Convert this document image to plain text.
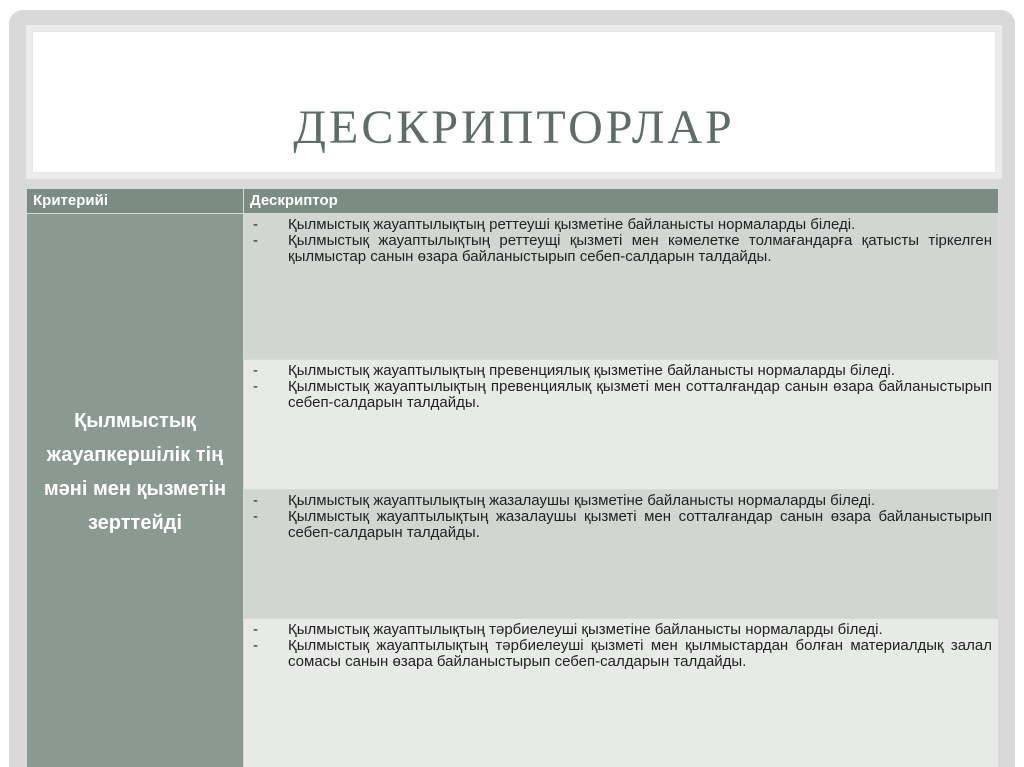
ДЕСКРИПТОРЛАР
Критерийі	Дескриптор
Қылмыстық жауапкершілік тің мәні мен қызметін зерттейді
- Қылмыстық жауаптылықтың реттеуші қызметіне байланысты нормаларды біледі.
- Қылмыстық жауаптылықтың реттеущі қызметі мен кәмелетке толмағандарға қатысты тіркелген қылмыстар санын өзара байланыстырып себеп-салдарын талдайды.
- Қылмыстық жауаптылықтың превенциялық қызметіне байланысты нормаларды біледі.
- Қылмыстық жауаптылықтың превенциялық қызметі мен сотталғандар санын өзара байланыстырып себеп-салдарын талдайды.
- Қылмыстық жауаптылықтың жазалаушы қызметіне байланысты нормаларды біледі.
- Қылмыстық жауаптылықтың жазалаушы қызметі мен сотталғандар санын өзара байланыстырып себеп-салдарын талдайды.
- Қылмыстық жауаптылықтың тәрбиелеуші қызметіне байланысты нормаларды біледі.
- Қылмыстық жауаптылықтың тәрбиелеуші қызметі мен қылмыстардан болған материалдық залал сомасы санын өзара байланыстырып себеп-салдарын талдайды.
